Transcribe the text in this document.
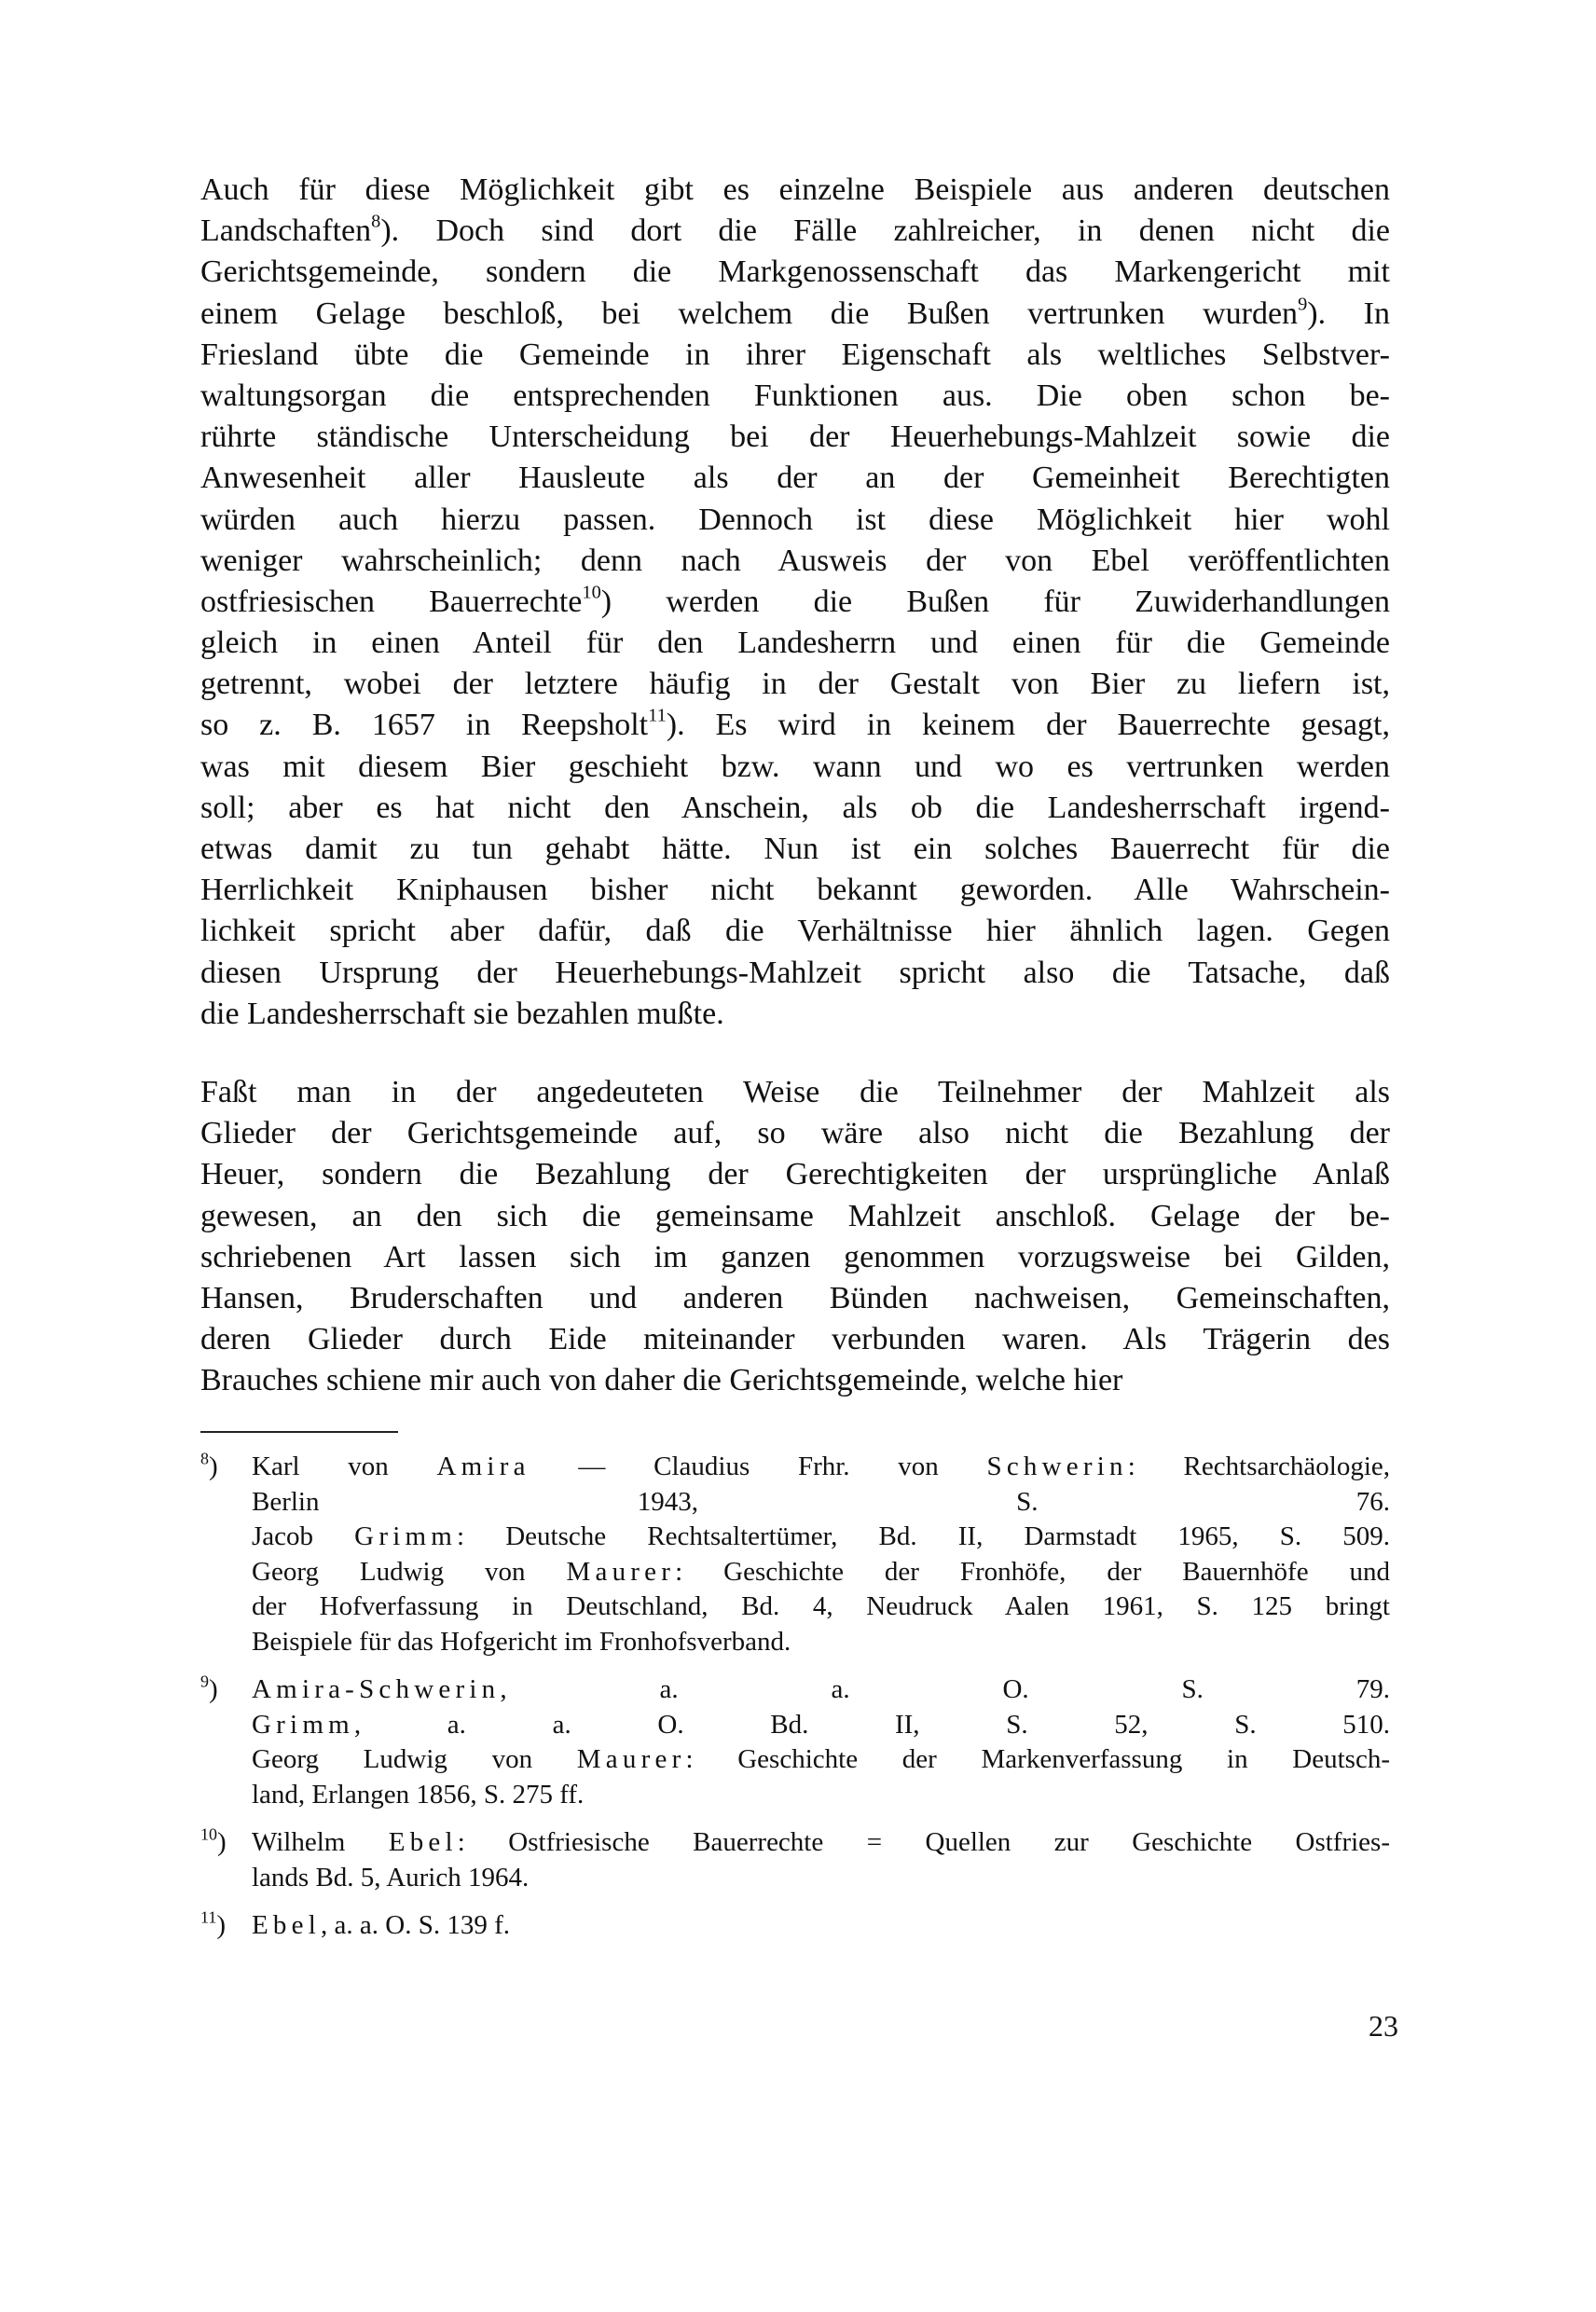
Auch für diese Möglichkeit gibt es einzelne Beispiele aus anderen deutschen
Landschaften$^8$). Doch sind dort die Fälle zahlreicher, in denen nicht die
Gerichtsgemeinde, sondern die Markgenossenschaft das Markengericht mit
einem Gelage beschloß, bei welchem die Bußen vertrunken wurden$^9$). In
Friesland übte die Gemeinde in ihrer Eigenschaft als weltliches Selbstver-
waltungsorgan die entsprechenden Funktionen aus. Die oben schon be-
rührte ständische Unterscheidung bei der Heuerhebungs-Mahlzeit sowie die
Anwesenheit aller Hausleute als der an der Gemeinheit Berechtigten
würden auch hierzu passen. Dennoch ist diese Möglichkeit hier wohl
weniger wahrscheinlich; denn nach Ausweis der von Ebel veröffentlichten
ostfriesischen Bauerrechte$^{10}$) werden die Bußen für Zuwiderhandlungen
gleich in einen Anteil für den Landesherrn und einen für die Gemeinde
getrennt, wobei der letztere häufig in der Gestalt von Bier zu liefern ist,
so z. B. 1657 in Reepsholt$^{11}$). Es wird in keinem der Bauerrechte gesagt,
was mit diesem Bier geschieht bzw. wann und wo es vertrunken werden
soll; aber es hat nicht den Anschein, als ob die Landesherrschaft irgend-
etwas damit zu tun gehabt hätte. Nun ist ein solches Bauerrecht für die
Herrlichkeit Kniphausen bisher nicht bekannt geworden. Alle Wahrschein-
lichkeit spricht aber dafür, daß die Verhältnisse hier ähnlich lagen. Gegen
diesen Ursprung der Heuerhebungs-Mahlzeit spricht also die Tatsache, daß
die Landesherrschaft sie bezahlen mußte.
Faßt man in der angedeuteten Weise die Teilnehmer der Mahlzeit als
Glieder der Gerichtsgemeinde auf, so wäre also nicht die Bezahlung der
Heuer, sondern die Bezahlung der Gerechtigkeiten der ursprüngliche Anlaß
gewesen, an den sich die gemeinsame Mahlzeit anschloß. Gelage der be-
schriebenen Art lassen sich im ganzen genommen vorzugsweise bei Gilden,
Hansen, Bruderschaften und anderen Bünden nachweisen, Gemeinschaften,
deren Glieder durch Eide miteinander verbunden waren. Als Trägerin des
Brauches schiene mir auch von daher die Gerichtsgemeinde, welche hier
$^8$)	Karl von Amira — Claudius Frhr. von Schwerin: Rechtsarchäologie,
Berlin 1943, S. 76.
Jacob Grimm: Deutsche Rechtsaltertümer, Bd. II, Darmstadt 1965, S. 509.
Georg Ludwig von Maurer: Geschichte der Fronhöfe, der Bauernhöfe und
der Hofverfassung in Deutschland, Bd. 4, Neudruck Aalen 1961, S. 125 bringt
Beispiele für das Hofgericht im Fronhofsverband.
$^9$)	Amira-Schwerin, a. a. O. S. 79.
Grimm, a. a. O. Bd. II, S. 52, S. 510.
Georg Ludwig von Maurer: Geschichte der Markenverfassung in Deutsch-
land, Erlangen 1856, S. 275 ff.
$^{10}$) Wilhelm Ebel: Ostfriesische Bauerrechte = Quellen zur Geschichte Ostfries-
lands Bd. 5, Aurich 1964.
$^{11}$) Ebel, a. a. O. S. 139 f.
23
